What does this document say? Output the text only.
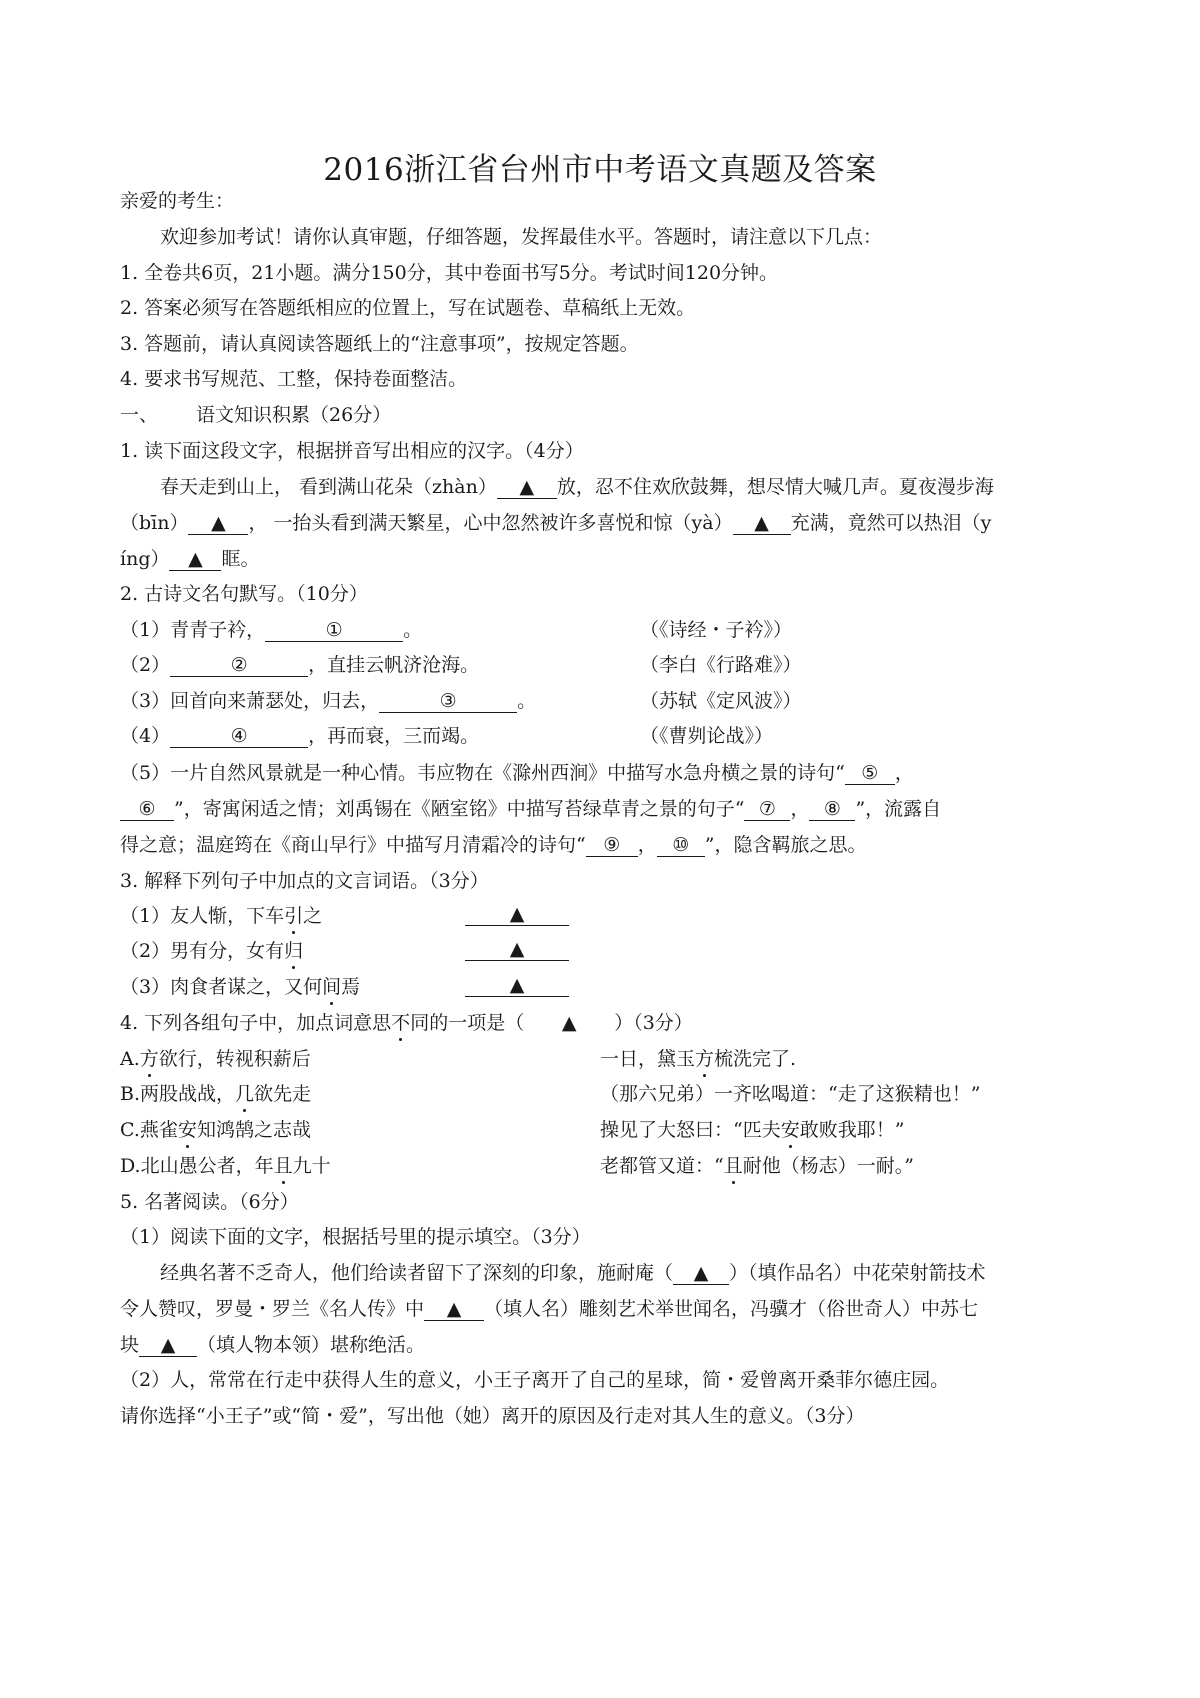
2016浙江省台州市中考语文真题及答案
亲爱的考生：
欢迎参加考试！请你认真审题，仔细答题，发挥最佳水平。答题时，请注意以下几点：
1. 全卷共6页，21小题。满分150分，其中卷面书写5分。考试时间120分钟。
2. 答案必须写在答题纸相应的位置上，写在试题卷、草稿纸上无效。
3. 答题前，请认真阅读答题纸上的“注意事项”，按规定答题。
4. 要求书写规范、工整，保持卷面整洁。
一、 语文知识积累（26分）
1. 读下面这段文字，根据拼音写出相应的汉字。（4分）
春天走到山上， 看到满山花朵（zhàn） ▲ 放，忍不住欢欣鼓舞，想尽情大喊几声。夏夜漫步海
（bīn） ▲ ， 一抬头看到满天繁星，心中忽然被许多喜悦和惊（yà） ▲ 充满，竟然可以热泪（y
íng） ▲ 眶。
2. 古诗文名句默写。（10分）
（1）青青子衿，	①	。	（《诗经・子衿》）
（2）	②	，直挂云帆济沧海。	（李白《行路难》）
（3）回首向来萧瑟处，归去，	③	。	（苏轼《定风波》）
（4）	④	，再而衰，三而竭。	（《曹刿论战》）
（5）一片自然风景就是一种心情。韦应物在《滁州西涧》中描写水急舟横之景的诗句“ ⑤ ，
⑥ ”，寄寓闲适之情；刘禹锡在《陋室铭》中描写苔绿草青之景的句子“ ⑦ ， ⑧ ”，流露自
得之意；温庭筠在《商山早行》中描写月清霜冷的诗句“ ⑨ ， ⑩ ”，隐含羁旅之思。
3. 解释下列句子中加点的文言词语。（3分）
（1）友人惭，下车引之	▲
（2）男有分，女有归	▲
（3）肉食者谋之，又何间焉	▲
4. 下列各组句子中，加点词意思不同的一项是（ ▲ ）（3分）
A.方欲行，转视积薪后	一日，黛玉方梳洗完了.
B.两股战战，几欲先走	（那六兄弟）一齐吆喝道：“走了这猴精也！”
C.燕雀安知鸿鹄之志哉	操见了大怒曰：“匹夫安敢败我耶！”
D.北山愚公者，年且九十	老都管又道：“且耐他（杨志）一耐。”
5. 名著阅读。（6分）
（1）阅读下面的文字，根据括号里的提示填空。（3分）
经典名著不乏奇人，他们给读者留下了深刻的印象，施耐庵（ ▲ ）（填作品名）中花荣射箭技术
令人赞叹，罗曼・罗兰《名人传》中 ▲ （填人名）雕刻艺术举世闻名，冯骥才（俗世奇人）中苏七
块 ▲ （填人物本领）堪称绝活。
（2）人，常常在行走中获得人生的意义，小王子离开了自己的星球，简・爱曾离开桑菲尔德庄园。
请你选择“小王子”或“简・爱”，写出他（她）离开的原因及行走对其人生的意义。（3分）
